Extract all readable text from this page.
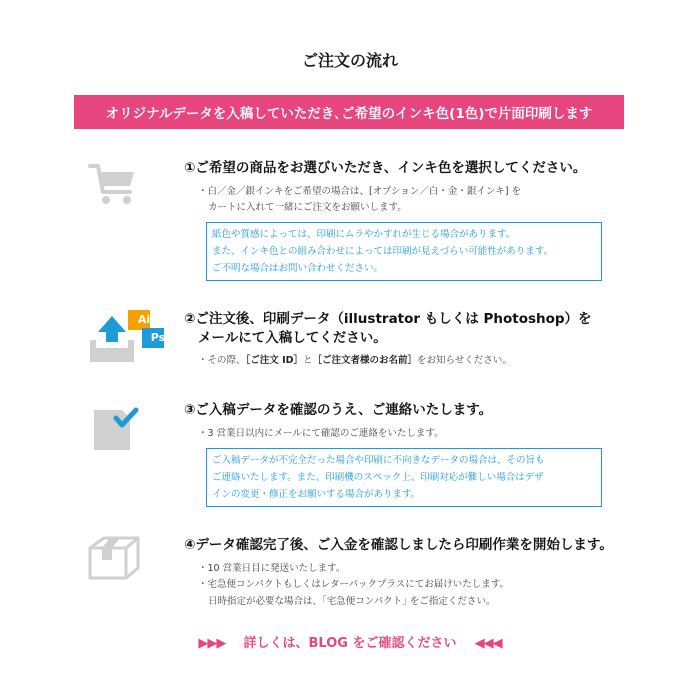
ご注文の流れ
オリジナルデータを入稿していただき､ご希望のインキ色(1色)で片面印刷します
①ご希望の商品をお選びいただき、インキ色を選択してください。
・白／金／銀インキをご希望の場合は、[オプション／白・金・銀インキ] を
カートに入れて一緒にご注文をお願いします。
紙色や質感によっては、印刷にムラやかすれが生じる場合があります。
また、インキ色との組み合わせによっては印刷が見えづらい可能性があります。
ご不明な場合はお問い合わせください。
Ai
Ps
②ご注文後、印刷データ（illustrator もしくは Photoshop）を
メールにて入稿してください。
・その際、［ご注文 ID］と［ご注文者様のお名前］をお知らせください。
③ご入稿データを確認のうえ、ご連絡いたします。
・3 営業日以内にメールにて確認のご連絡をいたします。
ご入稿データが不完全だった場合や印刷に不向きなデータの場合は、その旨も
ご連絡いたします。また、印刷機のスペック上、印刷対応が難しい場合はデザ
インの変更・修正をお願いする場合があります。
④データ確認完了後、ご入金を確認しましたら印刷作業を開始します。
・10 営業日目に発送いたします。
・宅急便コンパクトもしくはレターパックプラスにてお届けいたします。
日時指定が必要な場合は、｢宅急便コンパクト｣ をご指定ください。
▶▶▶ 詳しくは、BLOG をご確認ください ◀◀◀
